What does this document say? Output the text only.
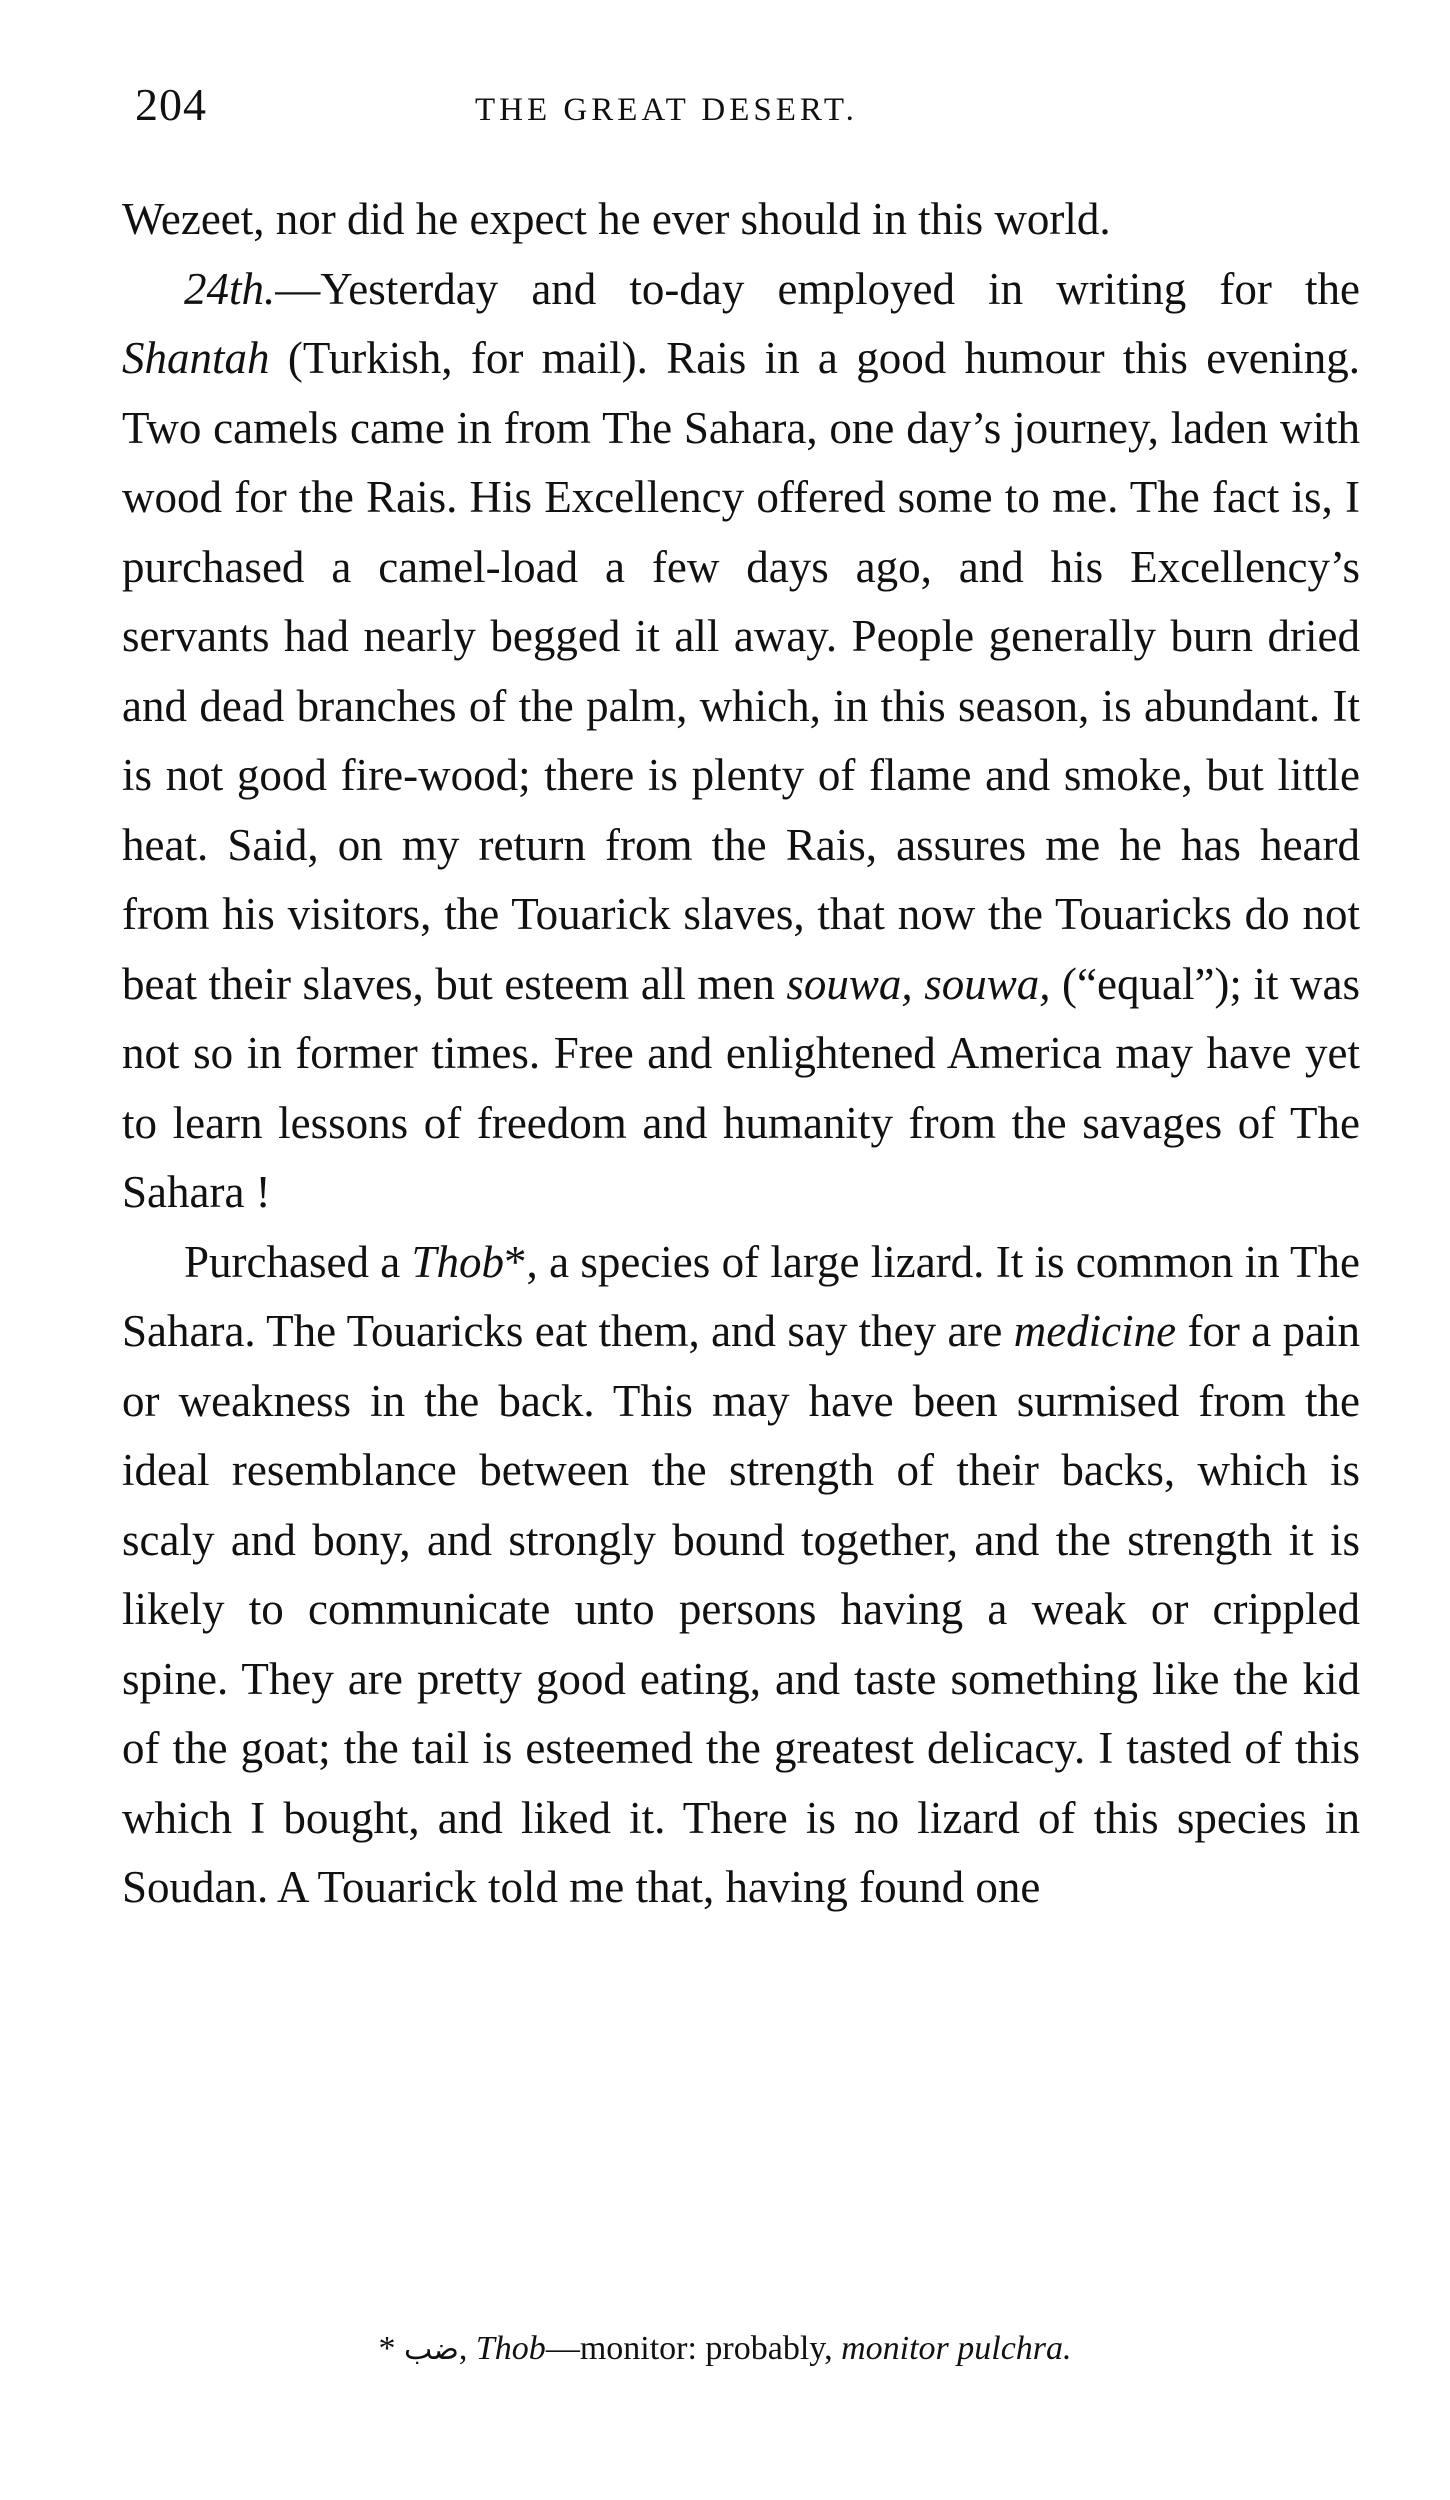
204	THE GREAT DESERT.

Wezeet, nor did he expect he ever should in this world.

24th.—Yesterday and to-day employed in writing for the Shantah (Turkish, for mail). Rais in a good humour this evening. Two camels came in from The Sahara, one day’s journey, laden with wood for the Rais. His Excellency offered some to me. The fact is, I purchased a camel-load a few days ago, and his Excellency’s servants had nearly begged it all away. People generally burn dried and dead branches of the palm, which, in this season, is abundant. It is not good fire-wood; there is plenty of flame and smoke, but little heat. Said, on my return from the Rais, assures me he has heard from his visitors, the Touarick slaves, that now the Touaricks do not beat their slaves, but esteem all men souwa, souwa, (“equal”); it was not so in former times. Free and enlightened America may have yet to learn lessons of freedom and humanity from the savages of The Sahara !

Purchased a Thob*, a species of large lizard. It is common in The Sahara. The Touaricks eat them, and say they are medicine for a pain or weakness in the back. This may have been surmised from the ideal resemblance between the strength of their backs, which is scaly and bony, and strongly bound together, and the strength it is likely to communicate unto persons having a weak or crippled spine. They are pretty good eating, and taste something like the kid of the goat; the tail is esteemed the greatest delicacy. I tasted of this which I bought, and liked it. There is no lizard of this species in Soudan. A Touarick told me that, having found one

* ضب, Thob—monitor: probably, monitor pulchra.
